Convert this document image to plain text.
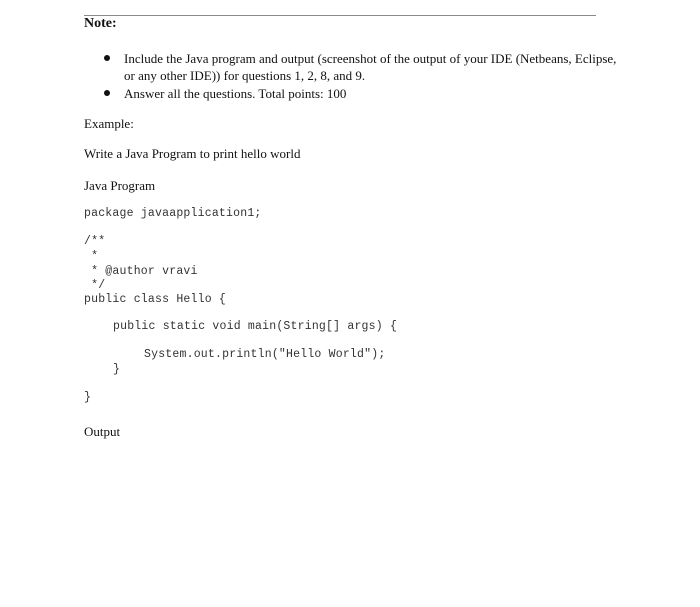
Note:
Include the Java program and output (screenshot of the output of your IDE (Netbeans, Eclipse, or any other IDE)) for questions 1, 2, 8, and 9.
Answer all the questions. Total points: 100
Example:
Write a Java Program to print hello world
Java Program
package javaapplication1;
/**
*
* @author vravi
*/
public class Hello {
public static void main(String[] args) {
System.out.println("Hello World");
}
}
Output
